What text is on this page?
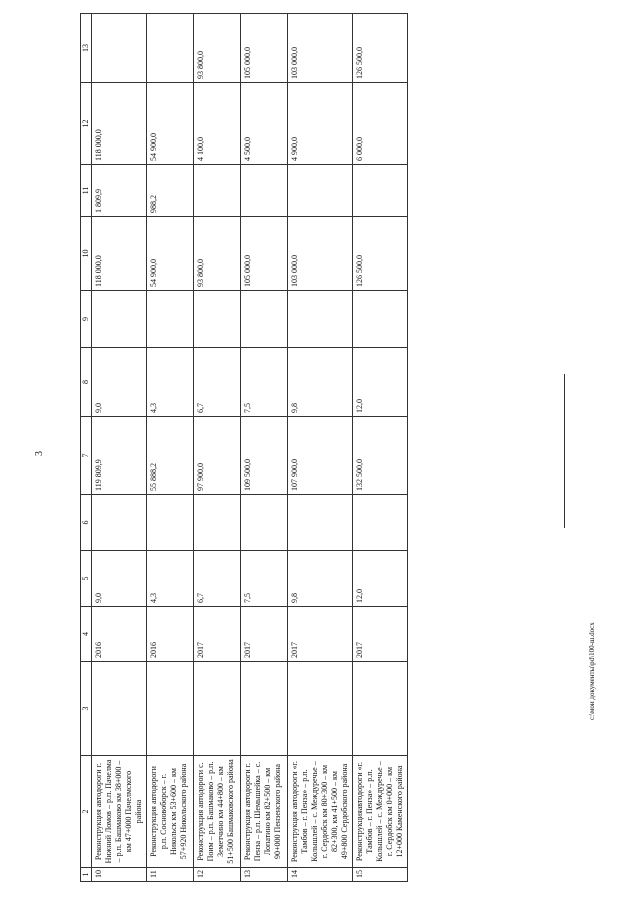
3
c:\мои документы\pd\100-ш.docx
1	2	3	4	5	6	7	8	9	10	11	12	13
10	Реконструкция автодороги г. Нижний Ломов – р.п. Пачелма – р.п. Башмаково км 38+000 – км 47+000 Пачелмского района		2016	9,0		119 809,9	9,0		118 000,0	1 809,9	118 000,0	
11	Реконструкция автодороги р.п. Сосновоборск – г. Никольск км 53+600 – км 57+920 Никольского района		2016	4,3		55 888,2	4,3		54 900,0	988,2	54 900,0	
12	Реконструкция автодороги с. Поим – р.п. Башмаково – р.п. Земетчино км 44+800 – км 51+500 Башмаковского района		2017	6,7		97 900,0	6,7		93 800,0		4 100,0	93 800,0
13	Реконструкция автодороги г. Пенза – р.п. Шемышейка – с. Лопатино км 82+500 – км 90+000 Пензенского района		2017	7,5		109 500,0	7,5		105 000,0		4 500,0	105 000,0
14	Реконструкция автодороги «г. Тамбов – г. Пенза» – р.п. Колышлей – с. Междуречье – г. Сердобск км 80+300 – км 82+300, км 41+500 – км 49+800 Сердобского района		2017	9,8		107 900,0	9,8		103 000,0		4 900,0	103 000,0
15	Реконструкцияавтодороги «г. Тамбов – г. Пенза» – р.п. Колышлей – с. Междуречье – г. Сердобск км 0+000 – км 12+000 Каменского района		2017	12,0		132 500,0	12,0		126 500,0		6 000,0	126 500,0
